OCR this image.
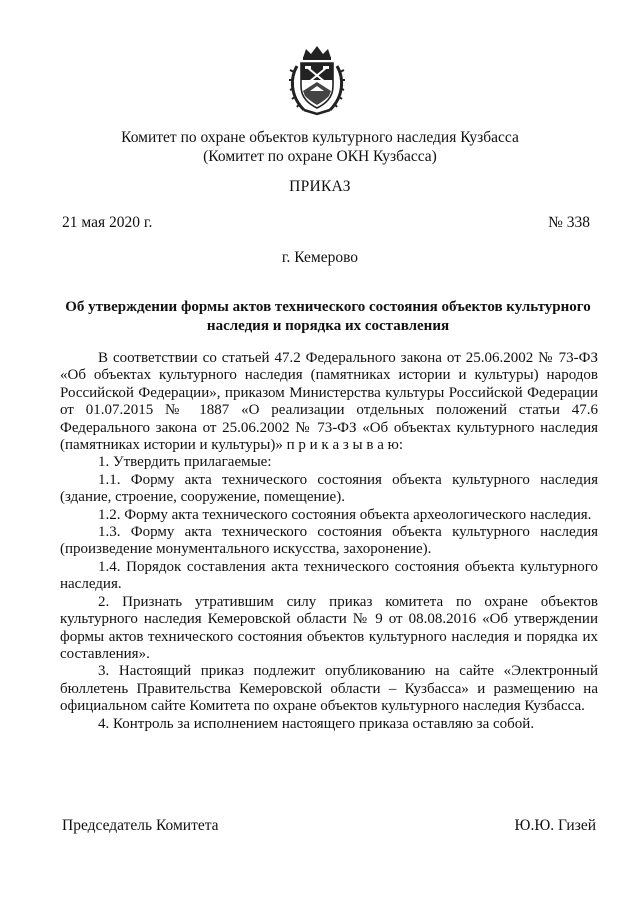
Комитет по охране объектов культурного наследия Кузбасса
(Комитет по охране ОКН Кузбасса)
ПРИКАЗ
21 мая 2020 г.	№ 338
г. Кемерово
Об утверждении формы актов технического состояния объектов культурного
наследия и порядка их составления

В соответствии со статьей 47.2 Федерального закона от 25.06.2002 № 73-ФЗ «Об объектах культурного наследия (памятниках истории и культуры) народов Российской Федерации», приказом Министерства культуры Российской Федерации от 01.07.2015 № 1887 «О реализации отдельных положений статьи 47.6 Федерального закона от 25.06.2002 № 73-ФЗ «Об объектах культурного наследия (памятниках истории и культуры)» п р и к а з ы в а ю:

1. Утвердить прилагаемые:

1.1. Форму акта технического состояния объекта культурного наследия (здание, строение, сооружение, помещение).

1.2. Форму акта технического состояния объекта археологического наследия.

1.3. Форму акта технического состояния объекта культурного наследия (произведение монументального искусства, захоронение).

1.4. Порядок составления акта технического состояния объекта культурного наследия.

2. Признать утратившим силу приказ комитета по охране объектов культурного наследия Кемеровской области № 9 от 08.08.2016 «Об утверждении формы актов технического состояния объектов культурного наследия и порядка их составления».

3. Настоящий приказ подлежит опубликованию на сайте «Электронный бюллетень Правительства Кемеровской области – Кузбасса» и размещению на официальном сайте Комитета по охране объектов культурного наследия Кузбасса.

4. Контроль за исполнением настоящего приказа оставляю за собой.

Председатель Комитета	Ю.Ю. Гизей
